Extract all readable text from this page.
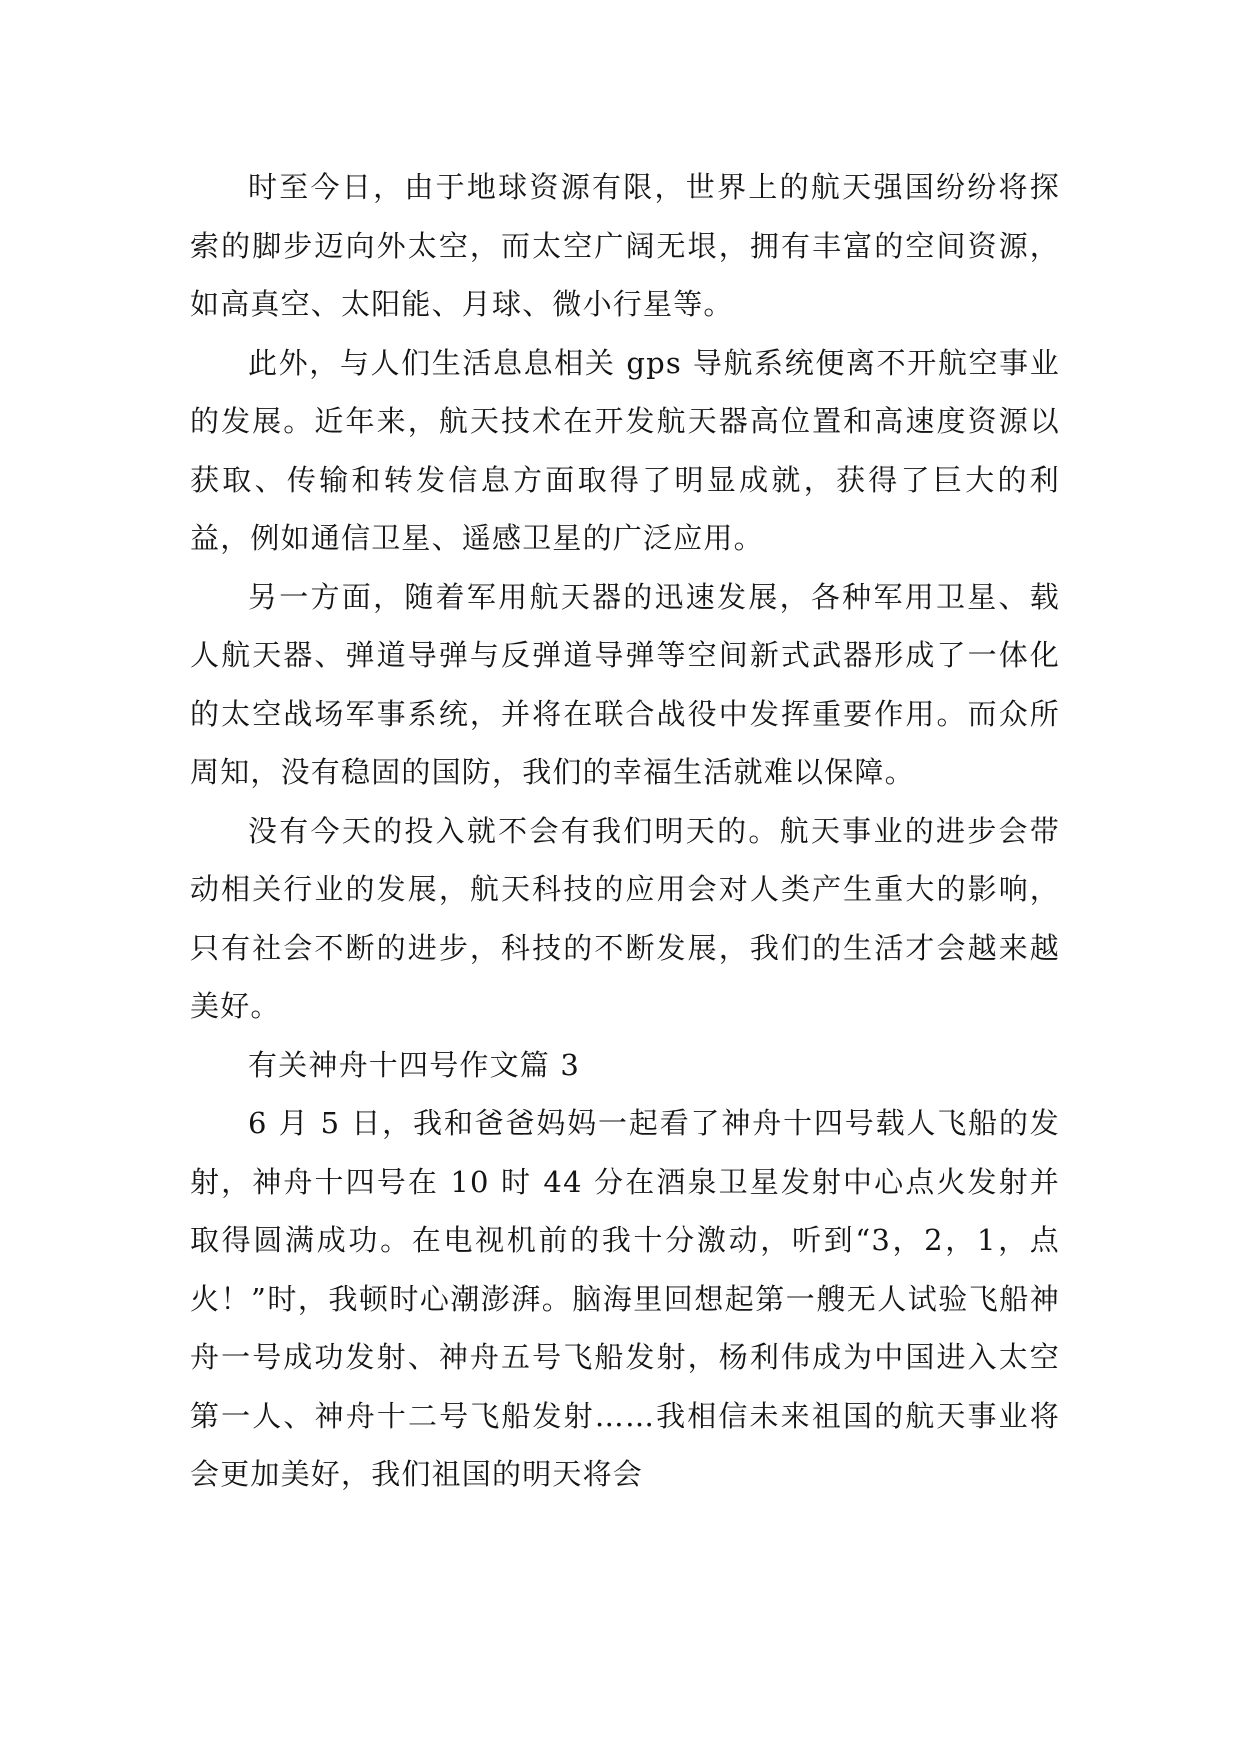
时至今日，由于地球资源有限，世界上的航天强国纷纷将探索的脚步迈向外太空，而太空广阔无垠，拥有丰富的空间资源，如高真空、太阳能、月球、微小行星等。

此外，与人们生活息息相关 gps 导航系统便离不开航空事业的发展。近年来，航天技术在开发航天器高位置和高速度资源以获取、传输和转发信息方面取得了明显成就，获得了巨大的利益，例如通信卫星、遥感卫星的广泛应用。

另一方面，随着军用航天器的迅速发展，各种军用卫星、载人航天器、弹道导弹与反弹道导弹等空间新式武器形成了一体化的太空战场军事系统，并将在联合战役中发挥重要作用。而众所周知，没有稳固的国防，我们的幸福生活就难以保障。

没有今天的投入就不会有我们明天的。航天事业的进步会带动相关行业的发展，航天科技的应用会对人类产生重大的影响，只有社会不断的进步，科技的不断发展，我们的生活才会越来越美好。

有关神舟十四号作文篇 3

6 月 5 日，我和爸爸妈妈一起看了神舟十四号载人飞船的发射，神舟十四号在 10 时 44 分在酒泉卫星发射中心点火发射并取得圆满成功。在电视机前的我十分激动，听到“3，2，1，点火！”时，我顿时心潮澎湃。脑海里回想起第一艘无人试验飞船神舟一号成功发射、神舟五号飞船发射，杨利伟成为中国进入太空第一人、神舟十二号飞船发射……我相信未来祖国的航天事业将会更加美好，我们祖国的明天将会
